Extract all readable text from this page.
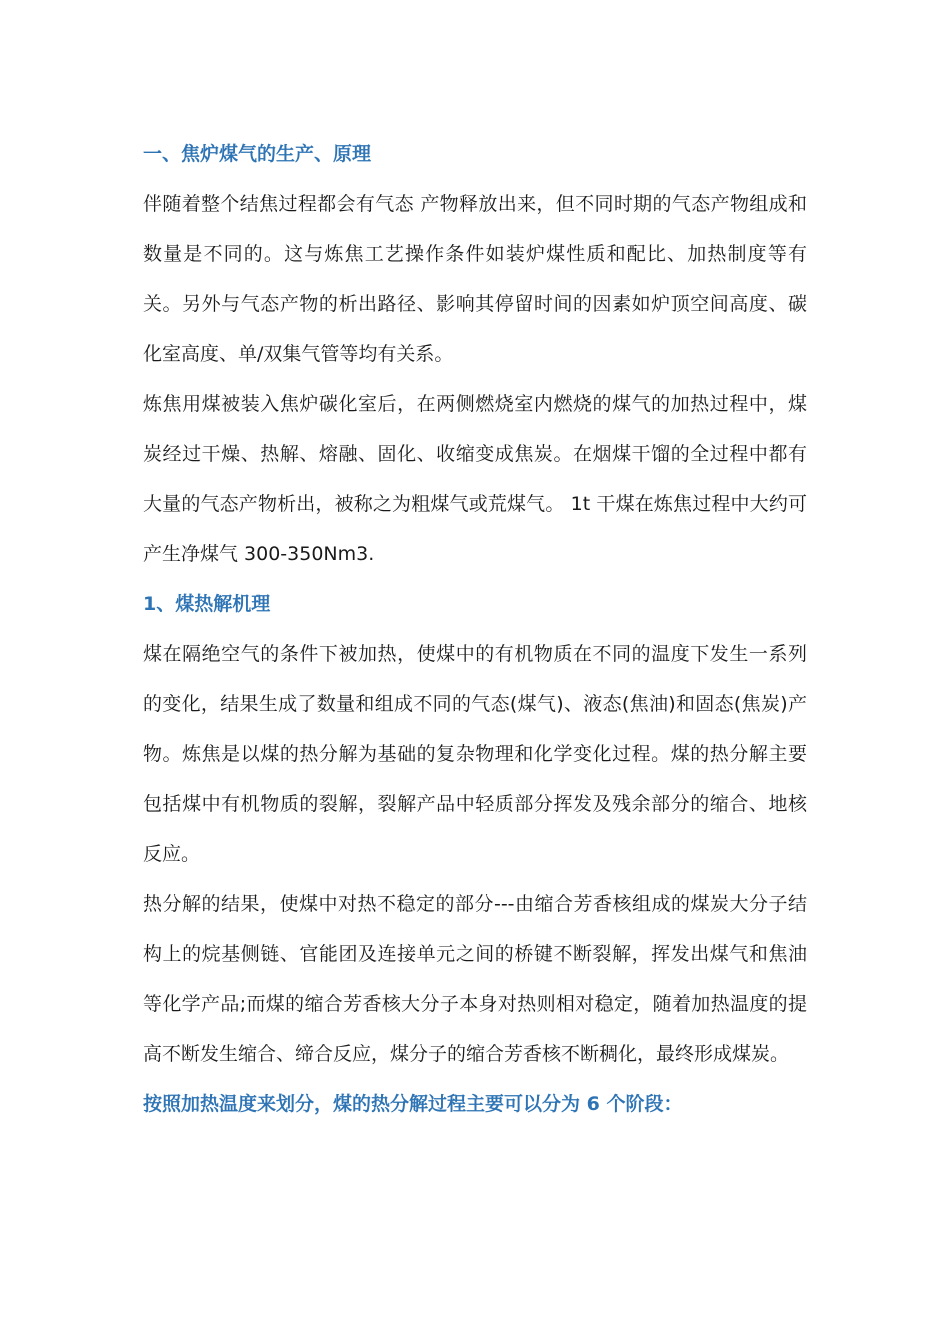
一、焦炉煤气的生产、原理

伴随着整个结焦过程都会有气态 产物释放出来，但不同时期的气态产物组成和数量是不同的。这与炼焦工艺操作条件如装炉煤性质和配比、加热制度等有关。另外与气态产物的析出路径、影响其停留时间的因素如炉顶空间高度、碳化室高度、单/双集气管等均有关系。

炼焦用煤被装入焦炉碳化室后，在两侧燃烧室内燃烧的煤气的加热过程中，煤炭经过干燥、热解、熔融、固化、收缩变成焦炭。在烟煤干馏的全过程中都有大量的气态产物析出，被称之为粗煤气或荒煤气。 1t 干煤在炼焦过程中大约可产生净煤气 300-350Nm3.

1、煤热解机理

煤在隔绝空气的条件下被加热，使煤中的有机物质在不同的温度下发生一系列的变化，结果生成了数量和组成不同的气态(煤气)、液态(焦油)和固态(焦炭)产物。炼焦是以煤的热分解为基础的复杂物理和化学变化过程。煤的热分解主要包括煤中有机物质的裂解，裂解产品中轻质部分挥发及残余部分的缩合、地核反应。

热分解的结果，使煤中对热不稳定的部分---由缩合芳香核组成的煤炭大分子结构上的烷基侧链、官能团及连接单元之间的桥键不断裂解，挥发出煤气和焦油等化学产品;而煤的缩合芳香核大分子本身对热则相对稳定，随着加热温度的提高不断发生缩合、缔合反应，煤分子的缩合芳香核不断稠化，最终形成煤炭。

按照加热温度来划分，煤的热分解过程主要可以分为 6 个阶段：
